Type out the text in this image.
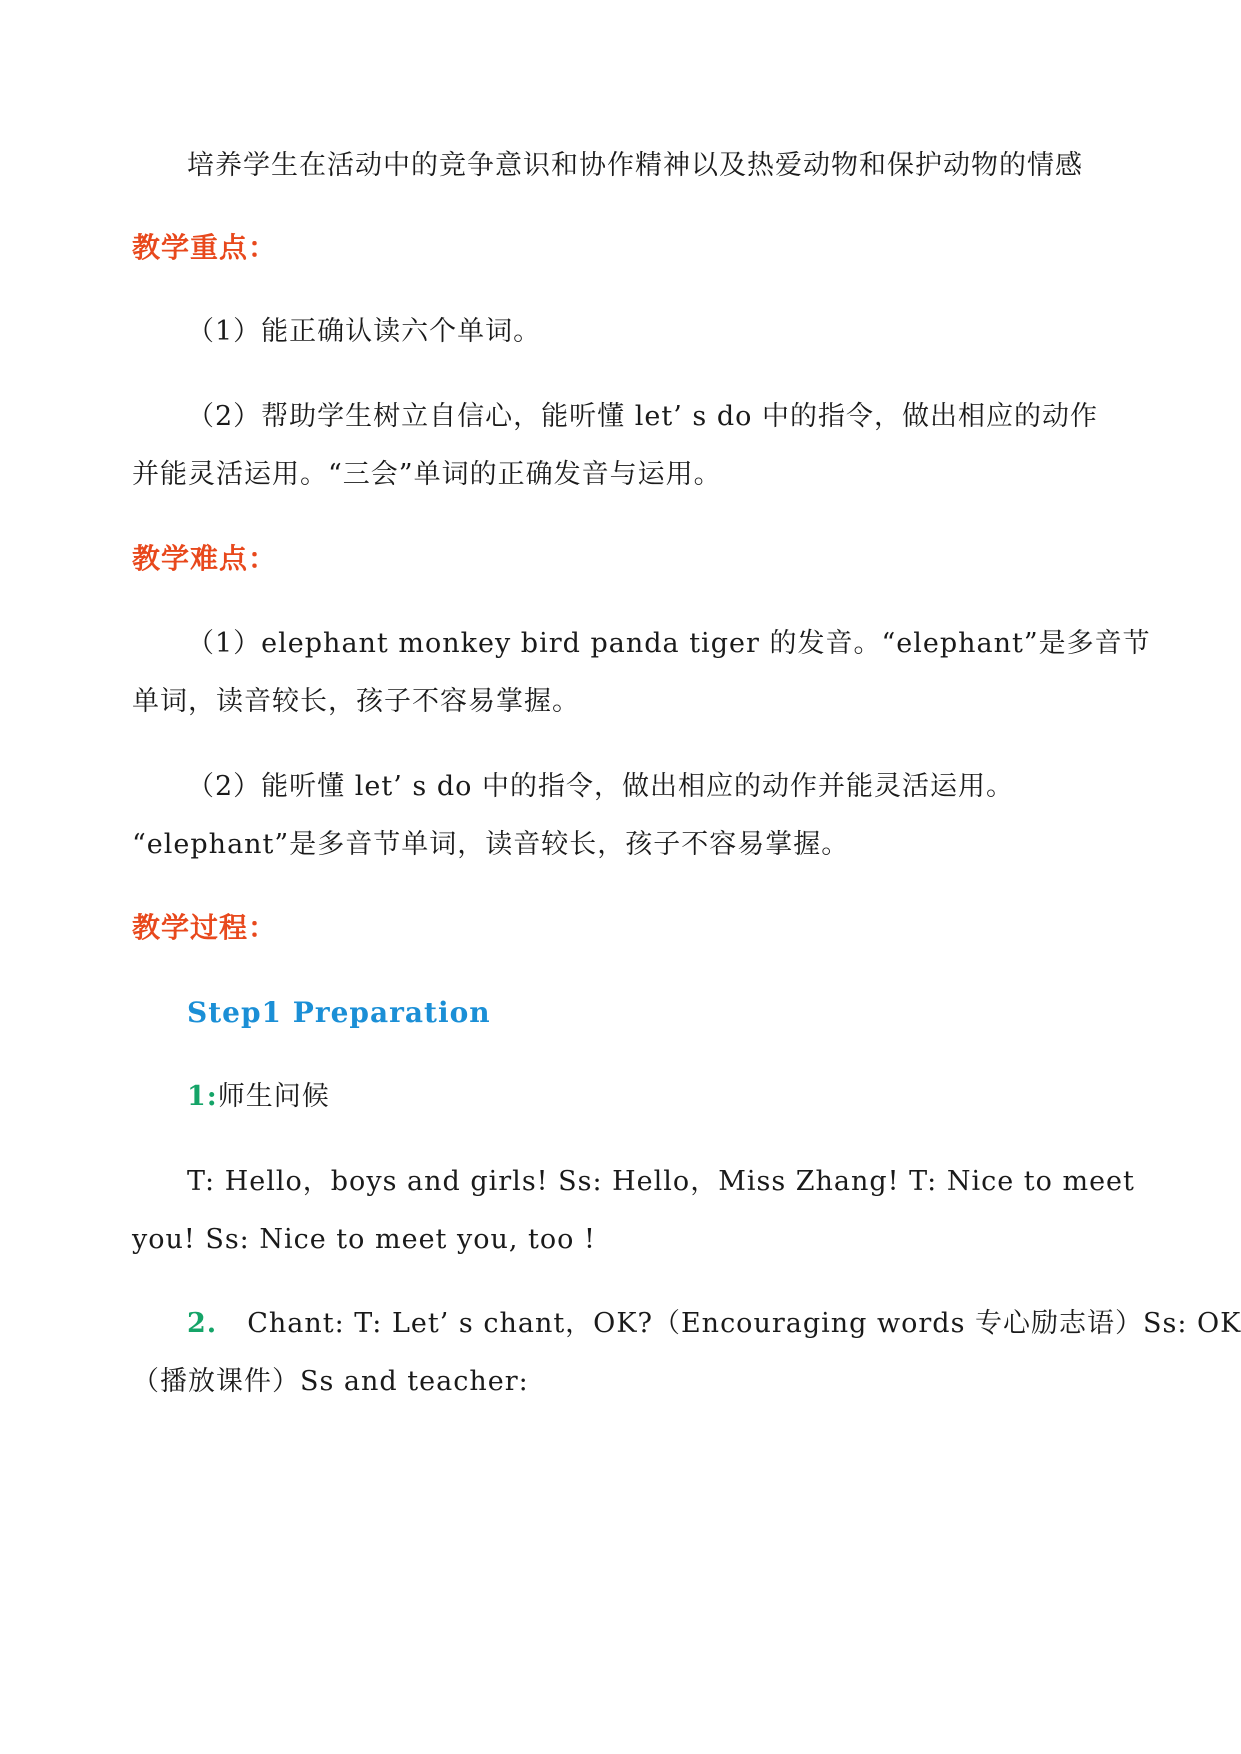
培养学生在活动中的竞争意识和协作精神以及热爱动物和保护动物的情感
教学重点：
（1）能正确认读六个单词。
（2）帮助学生树立自信心，能听懂 let’ s do 中的指令，做出相应的动作
并能灵活运用。“三会”单词的正确发音与运用。
教学难点：
（1）elephant monkey bird panda tiger 的发音。“elephant”是多音节
单词，读音较长，孩子不容易掌握。
（2）能听懂 let’ s do 中的指令，做出相应的动作并能灵活运用。
“elephant”是多音节单词，读音较长，孩子不容易掌握。
教学过程：
Step1 Preparation
1:师生问候
T: Hello，boys and girls! Ss: Hello，Miss Zhang! T: Nice to meet
you! Ss: Nice to meet you, too !
2. Chant: T: Let’ s chant，OK?（Encouraging words 专心励志语）Ss: OK
（播放课件）Ss and teacher:
